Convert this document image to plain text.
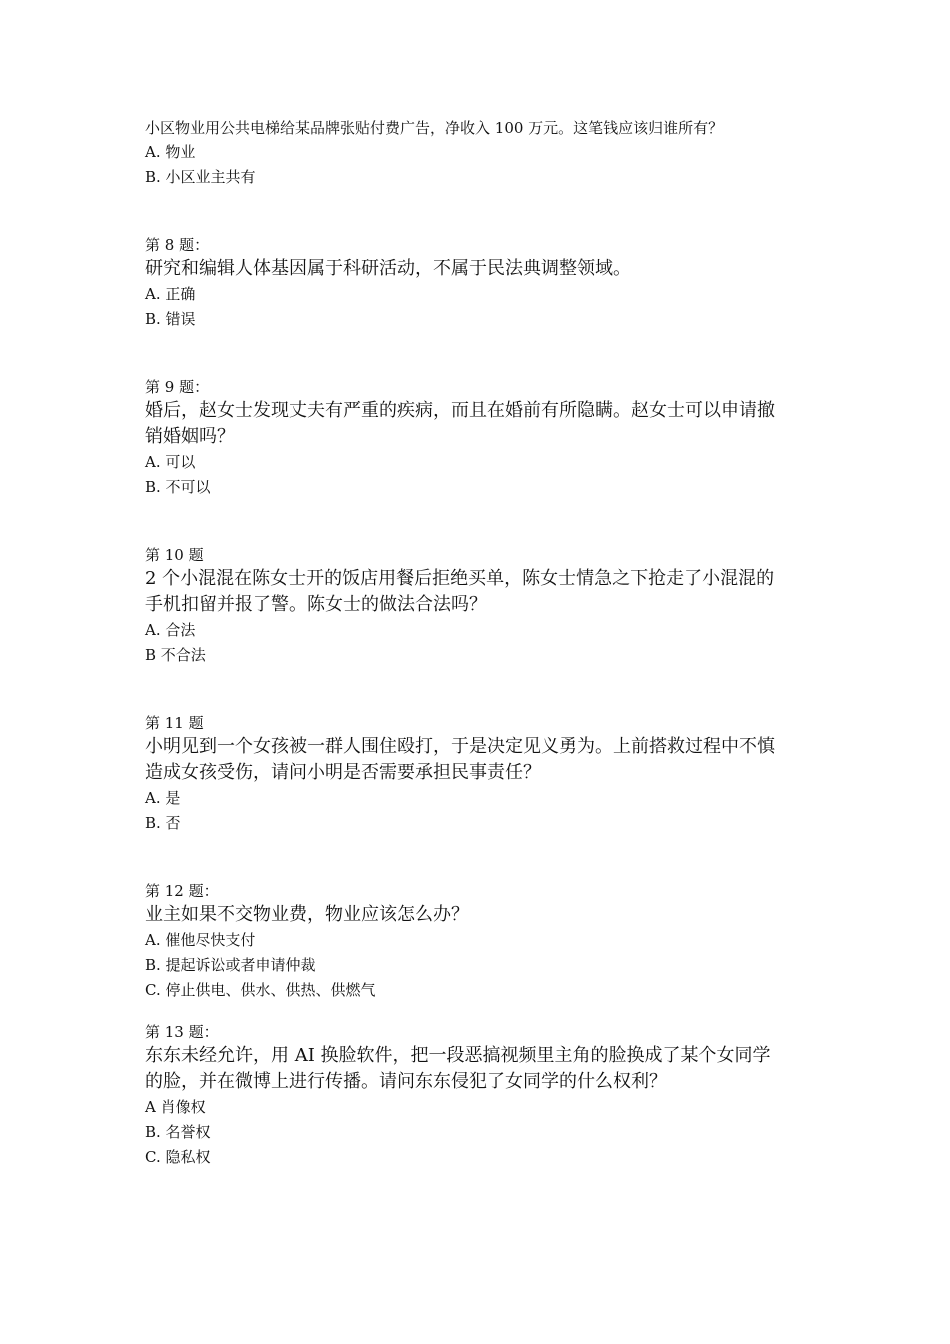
小区物业用公共电梯给某品牌张贴付费广告，净收入 100 万元。这笔钱应该归谁所有？

A. 物业

B. 小区业主共有

第 8 题：

研究和编辑人体基因属于科研活动，不属于民法典调整领域。

A. 正确

B. 错误

第 9 题：

婚后，赵女士发现丈夫有严重的疾病，而且在婚前有所隐瞒。赵女士可以申请撤

销婚姻吗？

A. 可以

B. 不可以

第 10 题

2 个小混混在陈女士开的饭店用餐后拒绝买单，陈女士情急之下抢走了小混混的

手机扣留并报了警。陈女士的做法合法吗？

A. 合法

B 不合法

第 11 题

小明见到一个女孩被一群人围住殴打，于是决定见义勇为。上前搭救过程中不慎

造成女孩受伤，请问小明是否需要承担民事责任？

A. 是

B. 否

第 12 题：

业主如果不交物业费，物业应该怎么办？

A. 催他尽快支付

B. 提起诉讼或者申请仲裁

C. 停止供电、供水、供热、供燃气

第 13 题：

东东未经允许，用 AI 换脸软件，把一段恶搞视频里主角的脸换成了某个女同学

的脸，并在微博上进行传播。请问东东侵犯了女同学的什么权利？

A 肖像权

B. 名誉权

C. 隐私权
